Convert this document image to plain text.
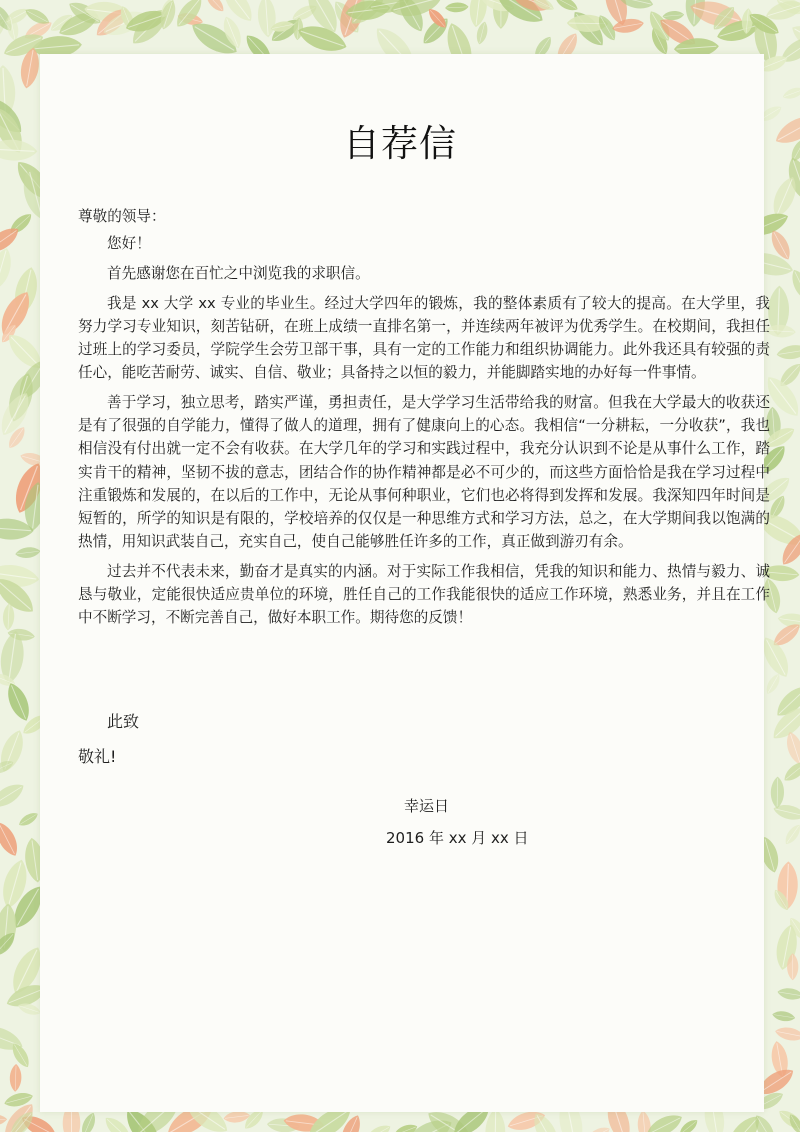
自荐信
尊敬的领导：

您好！

首先感谢您在百忙之中浏览我的求职信。

我是 xx 大学 xx 专业的毕业生。经过大学四年的锻炼，我的整体素质有了较大的提高。在大学里，我努力学习专业知识，刻苦钻研，在班上成绩一直排名第一，并连续两年被评为优秀学生。在校期间，我担任过班上的学习委员，学院学生会劳卫部干事，具有一定的工作能力和组织协调能力。此外我还具有较强的责任心，能吃苦耐劳、诚实、自信、敬业；具备持之以恒的毅力，并能脚踏实地的办好每一件事情。

善于学习，独立思考，踏实严谨，勇担责任，是大学学习生活带给我的财富。但我在大学最大的收获还是有了很强的自学能力，懂得了做人的道理，拥有了健康向上的心态。我相信“一分耕耘，一分收获”，我也相信没有付出就一定不会有收获。在大学几年的学习和实践过程中，我充分认识到不论是从事什么工作，踏实肯干的精神，坚韧不拔的意志，团结合作的协作精神都是必不可少的，而这些方面恰恰是我在学习过程中注重锻炼和发展的，在以后的工作中，无论从事何种职业，它们也必将得到发挥和发展。我深知四年时间是短暂的，所学的知识是有限的，学校培养的仅仅是一种思维方式和学习方法，总之，在大学期间我以饱满的热情，用知识武装自己，充实自己，使自己能够胜任许多的工作，真正做到游刃有余。

过去并不代表未来，勤奋才是真实的内涵。对于实际工作我相信，凭我的知识和能力、热情与毅力、诚恳与敬业，定能很快适应贵单位的环境，胜任自己的工作我能很快的适应工作环境，熟悉业务，并且在工作中不断学习，不断完善自己，做好本职工作。期待您的反馈！

此致
敬礼!
幸运日
2016 年 xx 月 xx 日
